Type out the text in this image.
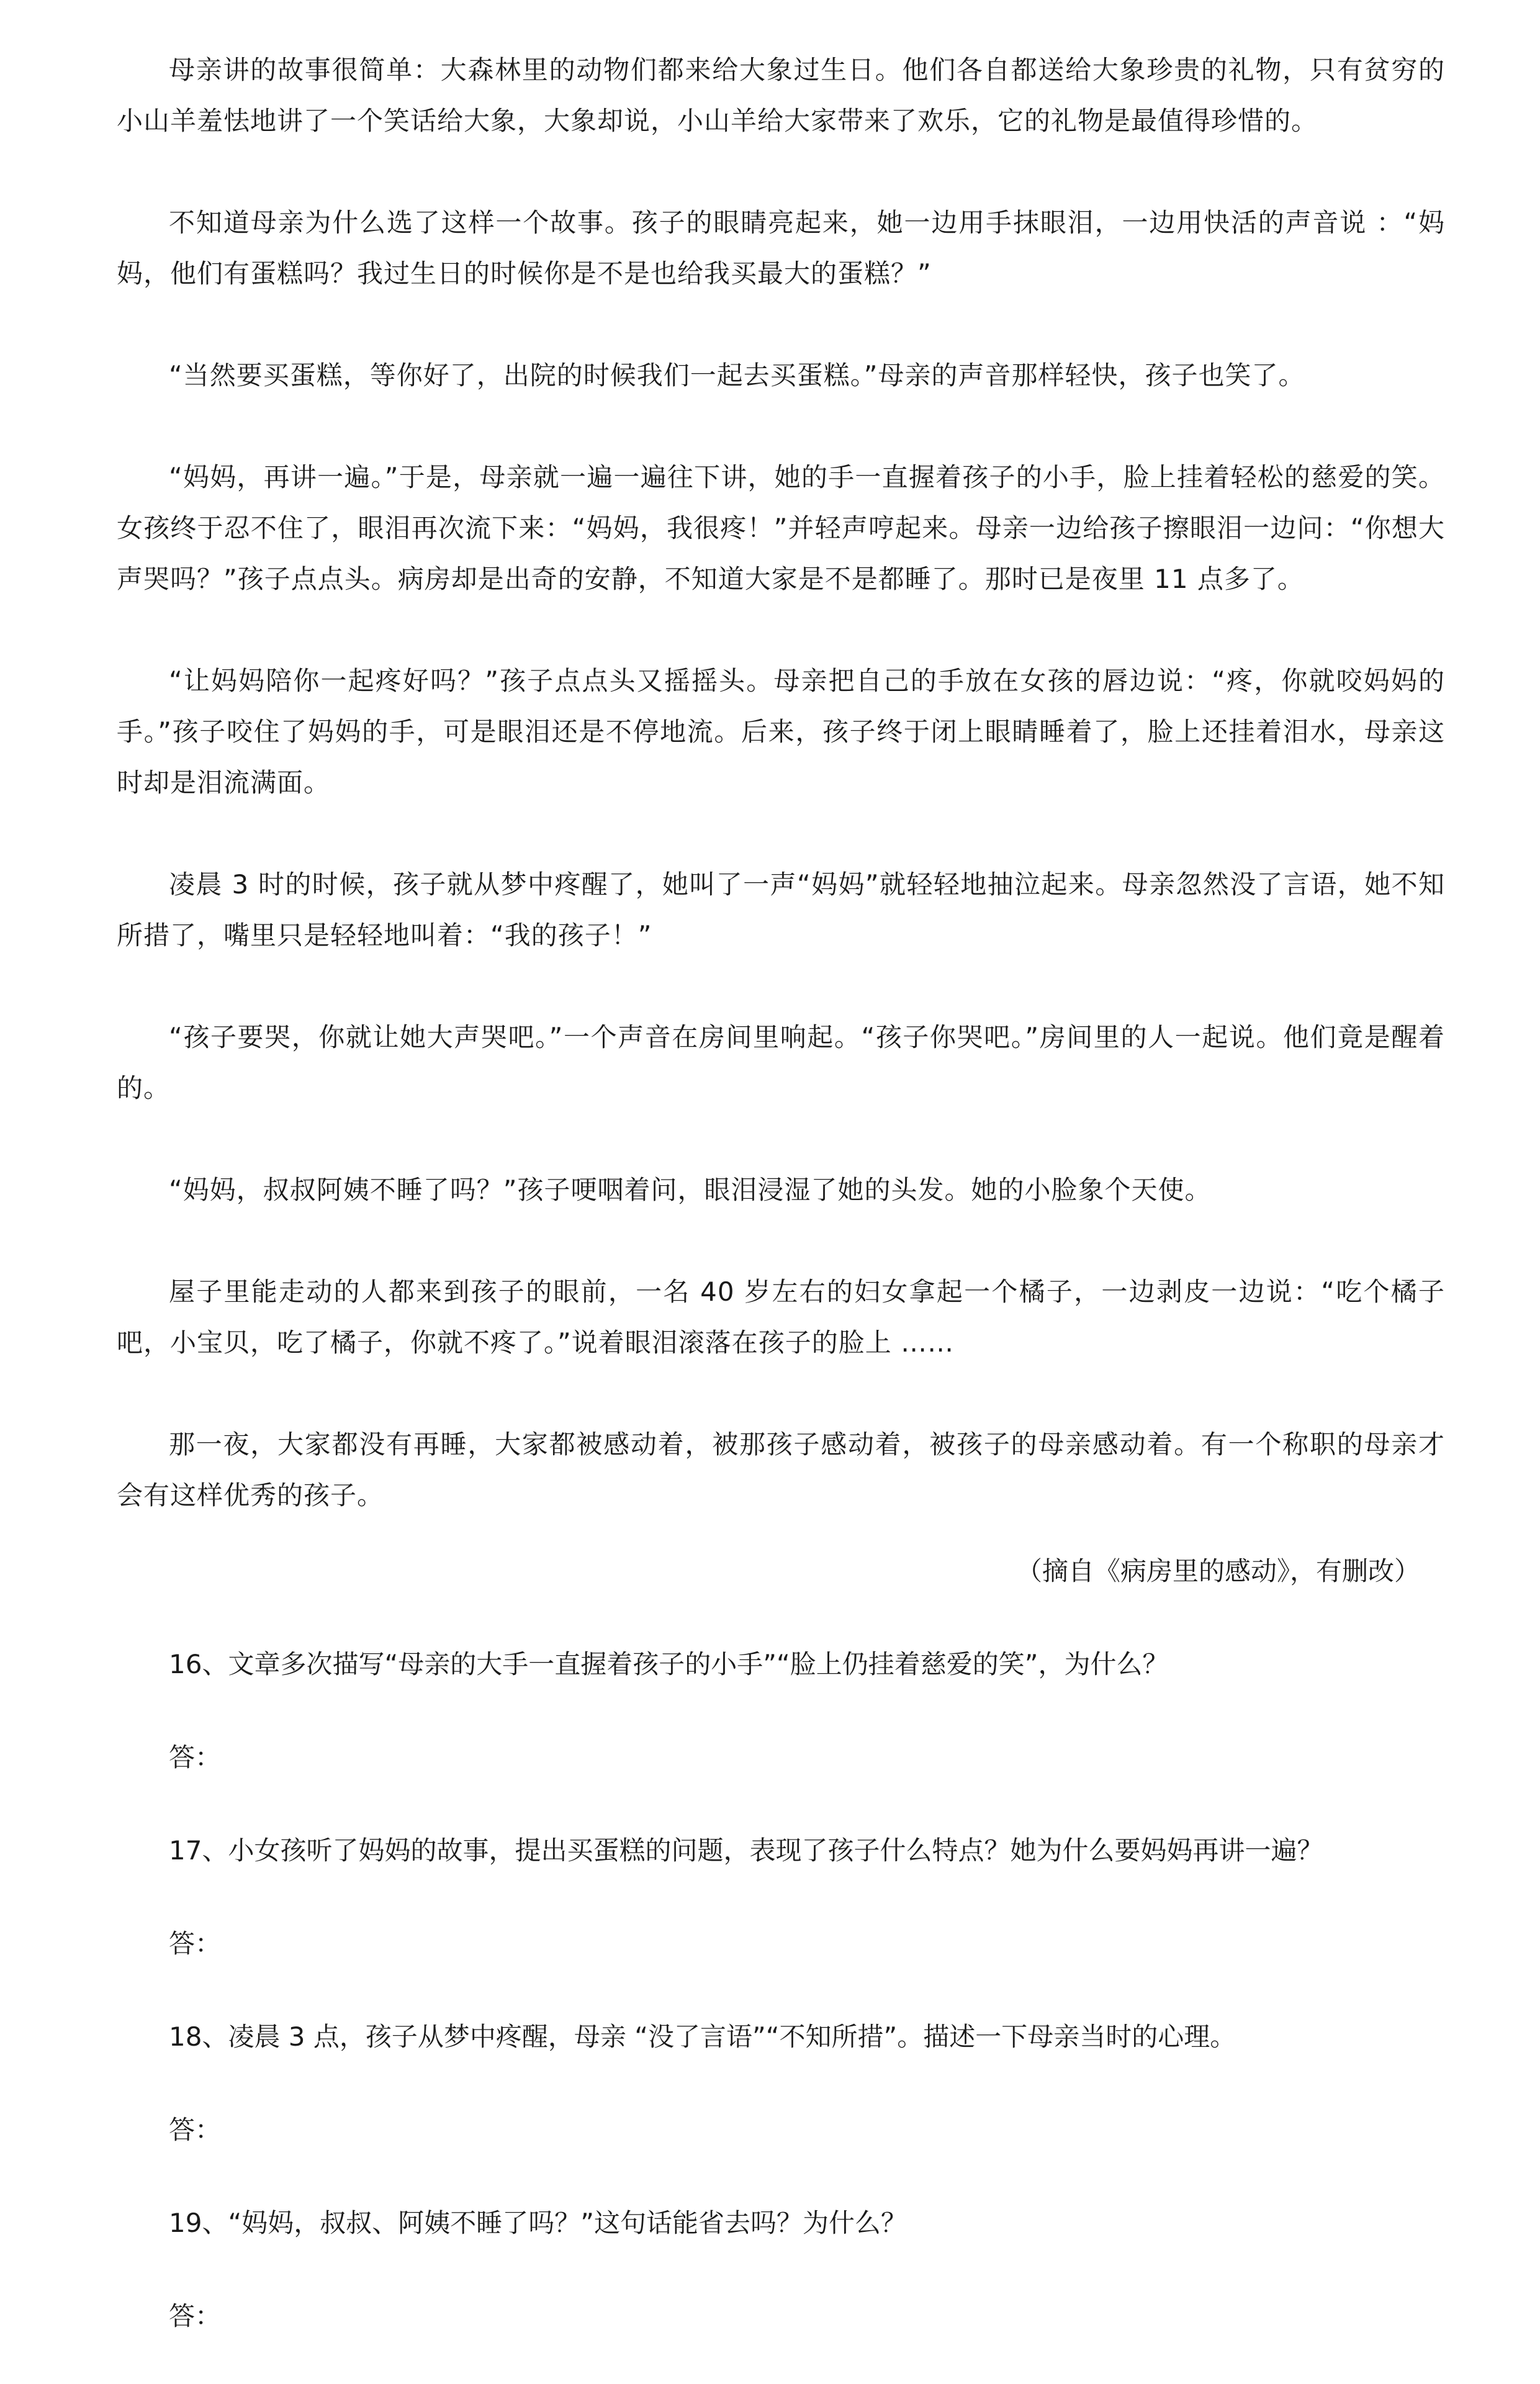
母亲讲的故事很简单：大森林里的动物们都来给大象过生日。他们各自都送给大象珍贵的礼物，只有贫穷的小山羊羞怯地讲了一个笑话给大象，大象却说，小山羊给大家带来了欢乐，它的礼物是最值得珍惜的。

不知道母亲为什么选了这样一个故事。孩子的眼睛亮起来，她一边用手抹眼泪，一边用快活的声音说 ：“妈妈，他们有蛋糕吗？我过生日的时候你是不是也给我买最大的蛋糕？”

“当然要买蛋糕，等你好了，出院的时候我们一起去买蛋糕。”母亲的声音那样轻快，孩子也笑了。

“妈妈，再讲一遍。”于是，母亲就一遍一遍往下讲，她的手一直握着孩子的小手，脸上挂着轻松的慈爱的笑。女孩终于忍不住了，眼泪再次流下来：“妈妈，我很疼！”并轻声哼起来。母亲一边给孩子擦眼泪一边问：“你想大声哭吗？”孩子点点头。病房却是出奇的安静，不知道大家是不是都睡了。那时已是夜里 11 点多了。

“让妈妈陪你一起疼好吗？”孩子点点头又摇摇头。母亲把自己的手放在女孩的唇边说：“疼，你就咬妈妈的手。”孩子咬住了妈妈的手，可是眼泪还是不停地流。后来，孩子终于闭上眼睛睡着了，脸上还挂着泪水，母亲这时却是泪流满面。

凌晨 3 时的时候，孩子就从梦中疼醒了，她叫了一声“妈妈”就轻轻地抽泣起来。母亲忽然没了言语，她不知所措了，嘴里只是轻轻地叫着：“我的孩子！”

“孩子要哭，你就让她大声哭吧。”一个声音在房间里响起。“孩子你哭吧。”房间里的人一起说。他们竟是醒着的。

“妈妈，叔叔阿姨不睡了吗？”孩子哽咽着问，眼泪浸湿了她的头发。她的小脸象个天使。

屋子里能走动的人都来到孩子的眼前，一名 40 岁左右的妇女拿起一个橘子，一边剥皮一边说：“吃个橘子吧，小宝贝，吃了橘子，你就不疼了。”说着眼泪滚落在孩子的脸上 ……

那一夜，大家都没有再睡，大家都被感动着，被那孩子感动着，被孩子的母亲感动着。有一个称职的母亲才会有这样优秀的孩子。

（摘自《病房里的感动》，有删改）

16、文章多次描写“母亲的大手一直握着孩子的小手”“脸上仍挂着慈爱的笑”，为什么？

答：

17、小女孩听了妈妈的故事，提出买蛋糕的问题，表现了孩子什么特点？她为什么要妈妈再讲一遍？

答：

18、凌晨 3 点，孩子从梦中疼醒，母亲 “没了言语”“不知所措”。描述一下母亲当时的心理。

答：

19、“妈妈，叔叔、阿姨不睡了吗？”这句话能省去吗？为什么？

答：
